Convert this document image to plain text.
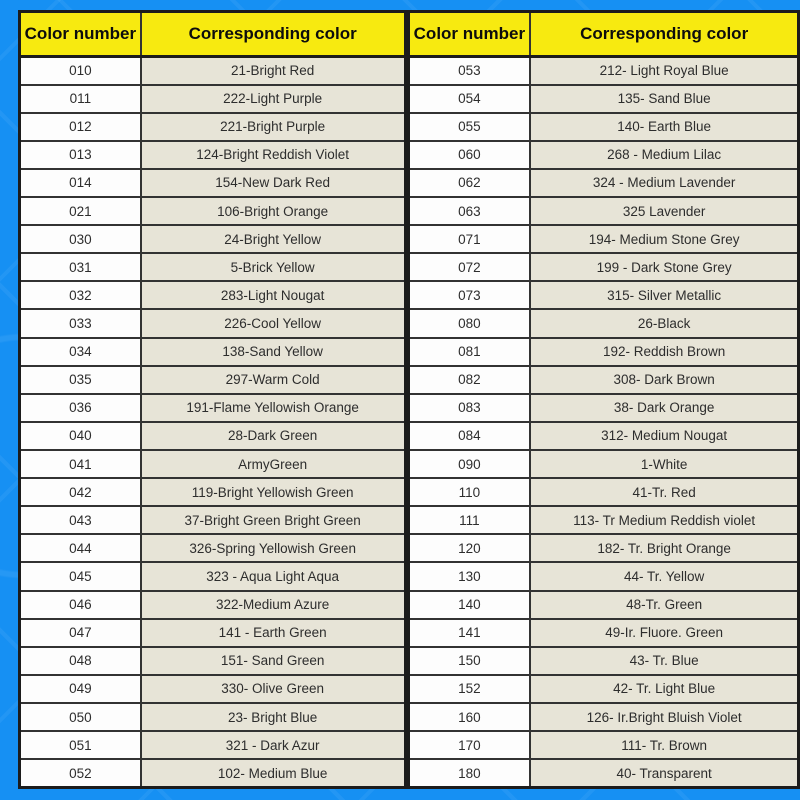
Color number	Corresponding color
010	21-Bright Red
011	222-Light Purple
012	221-Bright Purple
013	124-Bright Reddish Violet
014	154-New Dark Red
021	106-Bright Orange
030	24-Bright Yellow
031	5-Brick Yellow
032	283-Light Nougat
033	226-Cool Yellow
034	138-Sand Yellow
035	297-Warm Cold
036	191-Flame Yellowish Orange
040	28-Dark Green
041	ArmyGreen
042	119-Bright Yellowish Green
043	37-Bright Green Bright Green
044	326-Spring Yellowish Green
045	323 - Aqua Light Aqua
046	322-Medium Azure
047	141 - Earth Green
048	151- Sand Green
049	330- Olive Green
050	23- Bright Blue
051	321 - Dark Azur
052	102- Medium Blue
Color number	Corresponding color
053	212- Light Royal Blue
054	135- Sand Blue
055	140- Earth Blue
060	268 - Medium Lilac
062	324 - Medium Lavender
063	325 Lavender
071	194- Medium Stone Grey
072	199 - Dark Stone Grey
073	315- Silver Metallic
080	26-Black
081	192- Reddish Brown
082	308- Dark Brown
083	38- Dark Orange
084	312- Medium Nougat
090	1-White
110	41-Tr. Red
111	113- Tr Medium Reddish violet
120	182- Tr. Bright Orange
130	44- Tr. Yellow
140	48-Tr. Green
141	49-Ir. Fluore. Green
150	43- Tr. Blue
152	42- Tr. Light Blue
160	126- Ir.Bright Bluish Violet
170	111- Tr. Brown
180	40- Transparent
